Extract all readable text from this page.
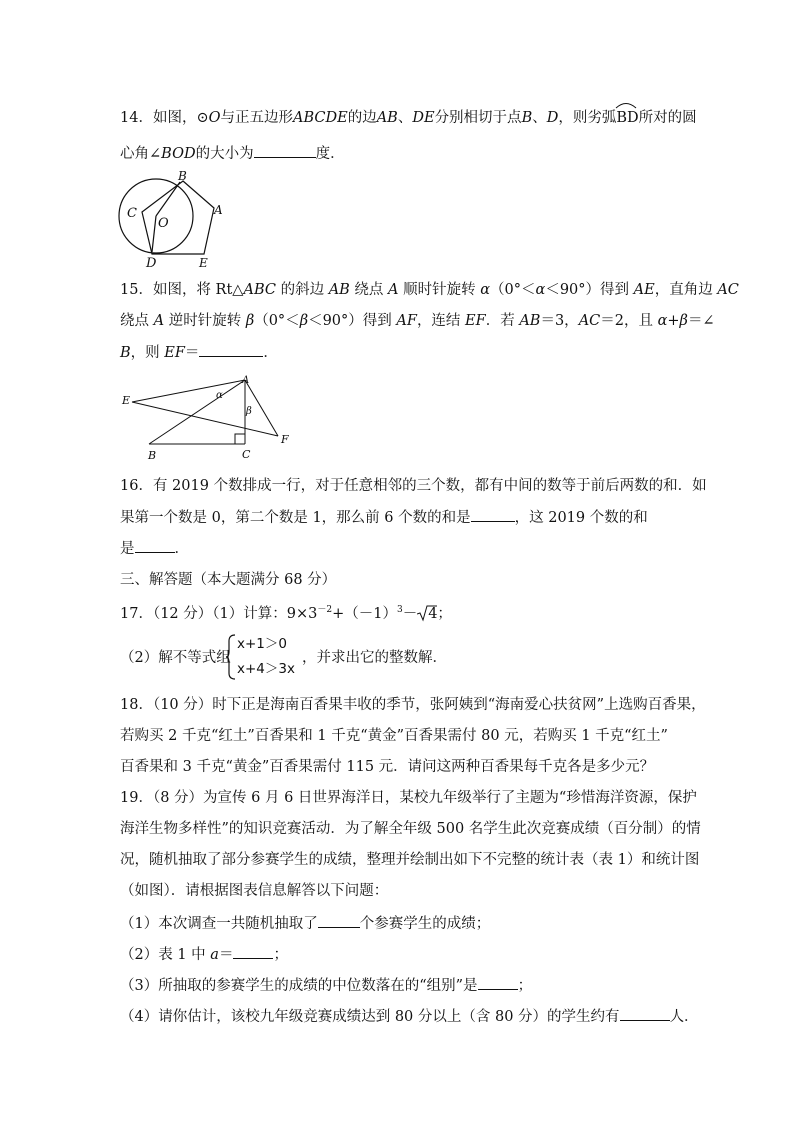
14．如图，⊙O与正五边形ABCDE的边AB、DE分别相切于点B、D，则劣弧
BD所对的圆
心角∠BOD的大小为	度．
B
C
O
A
D	E
15．如图，将 Rt△ABC 的斜边 AB 绕点 A 顺时针旋转 α（0°＜α＜90°）得到 AE，直角边 AC
绕点 A 逆时针旋转 β（0°＜β＜90°）得到 AF，连结 EF．若 AB＝3，AC＝2，且 α+β＝∠
B，则 EF＝	．
A
E
F
B	C
α
β
16．有 2019 个数排成一行，对于任意相邻的三个数，都有中间的数等于前后两数的和．如
果第一个数是 0，第二个数是 1，那么前 6 个数的和是	，这 2019 个数的和
是	．
三、解答题（本大题满分 68 分）
17．（12 分）（1）计算：$9\times 3^{-2}+(-1)^3- 4$；
（2）解不等式组
x+1＞0
x+4＞3x
，并求出它的整数解．
18．（10 分）时下正是海南百香果丰收的季节，张阿姨到“海南爱心扶贫网”上选购百香果，
若购买 2 千克“红土”百香果和 1 千克“黄金”百香果需付 80 元，若购买 1 千克“红土”
百香果和 3 千克“黄金”百香果需付 115 元．请问这两种百香果每千克各是多少元？
19．（8 分）为宣传 6 月 6 日世界海洋日，某校九年级举行了主题为“珍惜海洋资源，保护
海洋生物多样性”的知识竞赛活动．为了解全年级 500 名学生此次竞赛成绩（百分制）的情
况，随机抽取了部分参赛学生的成绩，整理并绘制出如下不完整的统计表（表 1）和统计图
（如图）．请根据图表信息解答以下问题：
（1）本次调查一共随机抽取了	个参赛学生的成绩；
（2）表 1 中 a＝	；
（3）所抽取的参赛学生的成绩的中位数落在的“组别”是	；
（4）请你估计，该校九年级竞赛成绩达到 80 分以上（含 80 分）的学生约有	人．
